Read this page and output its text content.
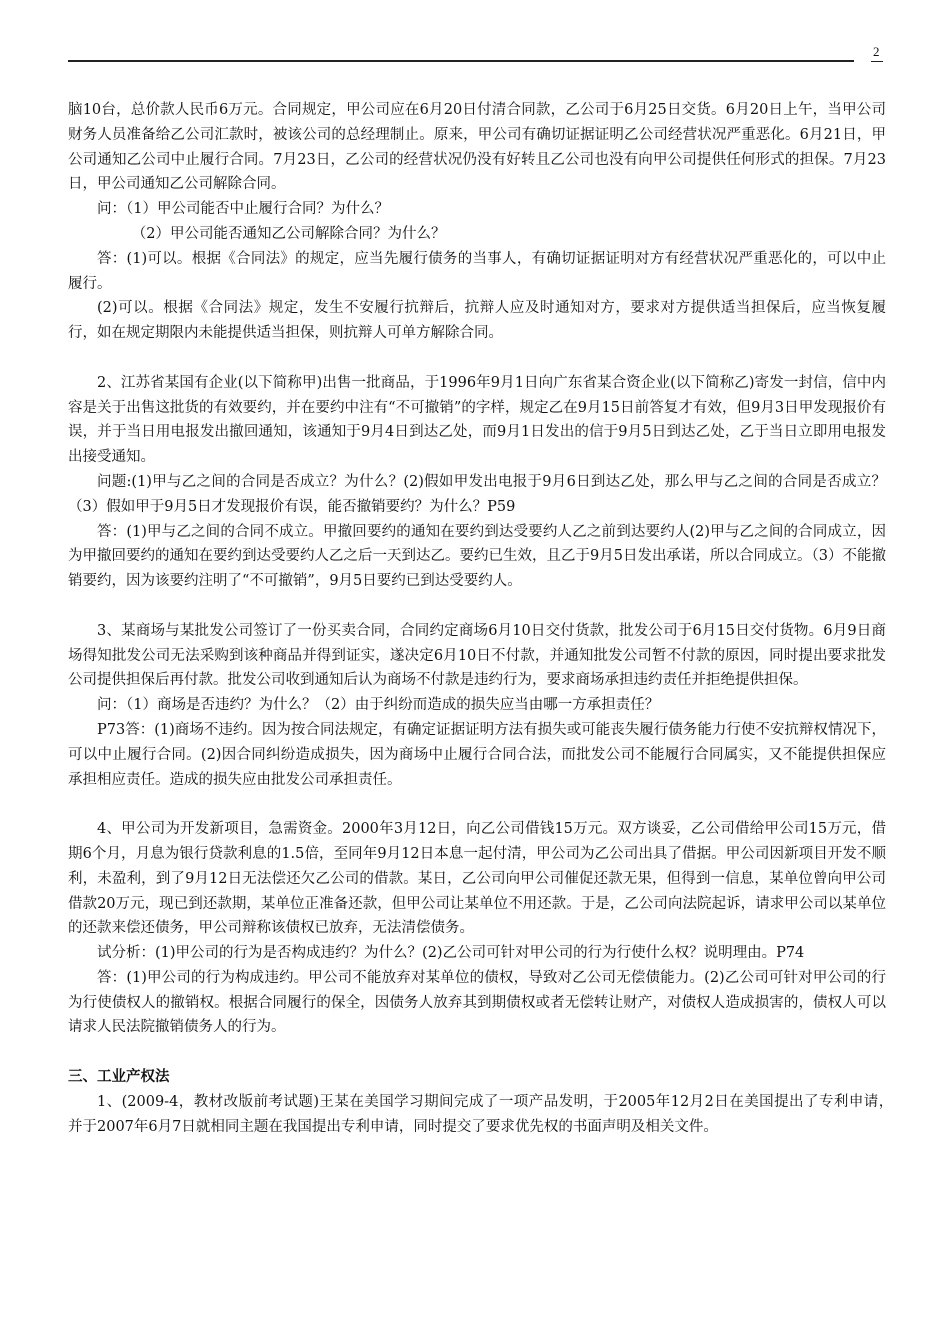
2

脑10台，总价款人民币6万元。合同规定，甲公司应在6月20日付清合同款，乙公司于6月25日交货。6月20日上午，当甲公司财务人员准备给乙公司汇款时，被该公司的总经理制止。原来，甲公司有确切证据证明乙公司经营状况严重恶化。6月21日，甲公司通知乙公司中止履行合同。7月23日，乙公司的经营状况仍没有好转且乙公司也没有向甲公司提供任何形式的担保。7月23日，甲公司通知乙公司解除合同。

问：（1）甲公司能否中止履行合同？为什么？

（2）甲公司能否通知乙公司解除合同？为什么？

答：(1)可以。根据《合同法》的规定，应当先履行债务的当事人，有确切证据证明对方有经营状况严重恶化的，可以中止履行。

(2)可以。根据《合同法》规定，发生不安履行抗辩后，抗辩人应及时通知对方，要求对方提供适当担保后，应当恢复履行，如在规定期限内未能提供适当担保，则抗辩人可单方解除合同。

2、江苏省某国有企业(以下简称甲)出售一批商品，于1996年9月1日向广东省某合资企业(以下简称乙)寄发一封信，信中内容是关于出售这批货的有效要约，并在要约中注有“不可撤销”的字样，规定乙在9月15日前答复才有效，但9月3日甲发现报价有误，并于当日用电报发出撤回通知，该通知于9月4日到达乙处，而9月1日发出的信于9月5日到达乙处，乙于当日立即用电报发出接受通知。

问题:(1)甲与乙之间的合同是否成立？为什么？(2)假如甲发出电报于9月6日到达乙处，那么甲与乙之间的合同是否成立？（3）假如甲于9月5日才发现报价有误，能否撤销要约？为什么？P59

答：(1)甲与乙之间的合同不成立。甲撤回要约的通知在要约到达受要约人乙之前到达要约人(2)甲与乙之间的合同成立，因为甲撤回要约的通知在要约到达受要约人乙之后一天到达乙。要约已生效，且乙于9月5日发出承诺，所以合同成立。（3）不能撤销要约，因为该要约注明了“不可撤销”，9月5日要约已到达受要约人。

3、某商场与某批发公司签订了一份买卖合同，合同约定商场6月10日交付货款，批发公司于6月15日交付货物。6月9日商场得知批发公司无法采购到该种商品并得到证实，遂决定6月10日不付款，并通知批发公司暂不付款的原因，同时提出要求批发公司提供担保后再付款。批发公司收到通知后认为商场不付款是违约行为，要求商场承担违约责任并拒绝提供担保。

问：（1）商场是否违约？为什么？（2）由于纠纷而造成的损失应当由哪一方承担责任？

P73答：(1)商场不违约。因为按合同法规定，有确定证据证明方法有损失或可能丧失履行债务能力行使不安抗辩权情况下，可以中止履行合同。(2)因合同纠纷造成损失，因为商场中止履行合同合法，而批发公司不能履行合同属实，又不能提供担保应承担相应责任。造成的损失应由批发公司承担责任。

4、甲公司为开发新项目，急需资金。2000年3月12日，向乙公司借钱15万元。双方谈妥，乙公司借给甲公司15万元，借期6个月，月息为银行贷款利息的1.5倍，至同年9月12日本息一起付清，甲公司为乙公司出具了借据。甲公司因新项目开发不顺利，未盈利，到了9月12日无法偿还欠乙公司的借款。某日，乙公司向甲公司催促还款无果，但得到一信息，某单位曾向甲公司借款20万元，现已到还款期，某单位正准备还款，但甲公司让某单位不用还款。于是，乙公司向法院起诉，请求甲公司以某单位的还款来偿还债务，甲公司辩称该债权已放弃，无法清偿债务。

试分析：(1)甲公司的行为是否构成违约？为什么？(2)乙公司可针对甲公司的行为行使什么权？说明理由。P74

答：(1)甲公司的行为构成违约。甲公司不能放弃对某单位的债权，导致对乙公司无偿债能力。(2)乙公司可针对甲公司的行为行使债权人的撤销权。根据合同履行的保全，因债务人放弃其到期债权或者无偿转让财产，对债权人造成损害的，债权人可以请求人民法院撤销债务人的行为。

三、工业产权法

1、(2009-4，教材改版前考试题)王某在美国学习期间完成了一项产品发明，于2005年12月2日在美国提出了专利申请，　并于2007年6月7日就相同主题在我国提出专利申请，同时提交了要求优先权的书面声明及相关文件。
